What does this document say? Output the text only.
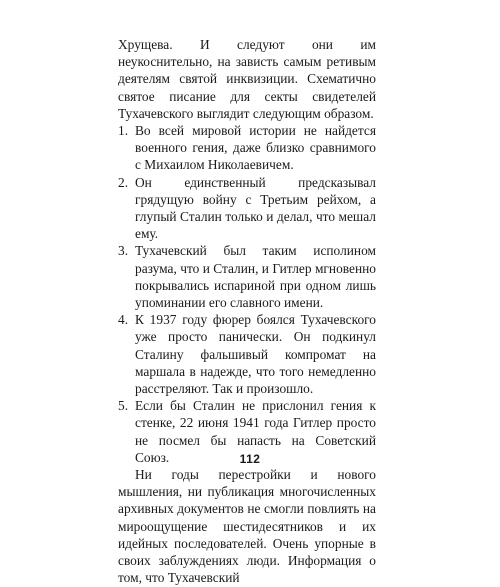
Хрущева. И следуют они им неукоснительно, на зависть самым ретивым деятелям святой инквизиции. Схематично святое писание для секты свидетелей Тухачевского выглядит следующим образом.

1. Во всей мировой истории не найдется военного гения, даже близко сравнимого с Михаилом Николаевичем.
2. Он единственный предсказывал грядущую войну с Третьим рейхом, а глупый Сталин только и делал, что мешал ему.
3. Тухачевский был таким исполином разума, что и Сталин, и Гитлер мгновенно покрывались испариной при одном лишь упоминании его славного имени.
4. К 1937 году фюрер боялся Тухачевского уже просто панически. Он подкинул Сталину фальшивый компромат на маршала в надежде, что того немедленно расстреляют. Так и произошло.
5. Если бы Сталин не прислонил гения к стенке, 22 июня 1941 года Гитлер просто не посмел бы напасть на Советский Союз.

Ни годы перестройки и нового мышления, ни публикация многочисленных архивных документов не смогли повлиять на мироощущение шестидесятников и их идейных последователей. Очень упорные в своих заблуждениях люди. Информация о том, что Тухачевский

112
